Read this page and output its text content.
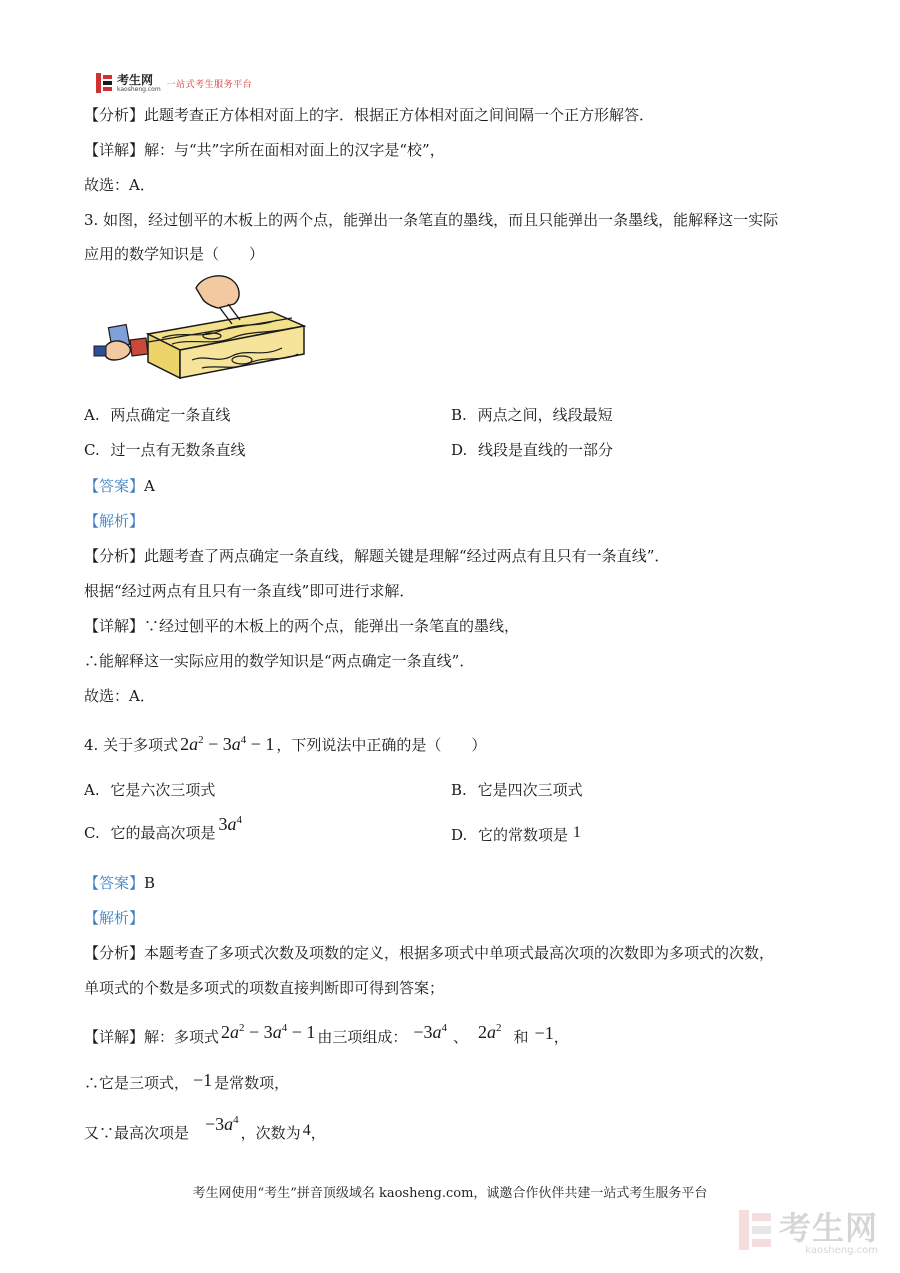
考生网
kaosheng.com 一站式考生服务平台
【分析】此题考查正方体相对面上的字．根据正方体相对面之间间隔一个正方形解答．
【详解】解：与“共”字所在面相对面上的汉字是“校”，
故选：A．
3. 如图，经过刨平的木板上的两个点，能弹出一条笔直的墨线，而且只能弹出一条墨线，能解释这一实际
应用的数学知识是（　　）
A. 两点确定一条直线	B. 两点之间，线段最短
C. 过一点有无数条直线	D. 线段是直线的一部分
【答案】A
【解析】
【分析】此题考查了两点确定一条直线，解题关键是理解“经过两点有且只有一条直线”．
根据“经过两点有且只有一条直线”即可进行求解．
【详解】∵经过刨平的木板上的两个点，能弹出一条笔直的墨线，
∴能解释这一实际应用的数学知识是“两点确定一条直线”．
故选：A．
4. 关于多项式 $2a^2 - 3a^4 - 1$ ，下列说法中正确的是（　　）
A. 它是六次三项式	B. 它是四次三项式
C. 它的最高次项是 $3a^4$
D. 它的常数项是 1
【答案】B
【解析】
【分析】本题考查了多项式次数及项数的定义，根据多项式中单项式最高次项的次数即为多项式的次数，
单项式的个数是多项式的项数直接判断即可得到答案；
【详解】解：多项式 $2a^2 - 3a^4 - 1$ 由三项组成： $-3a^4$ 、 $2a^2$ 和 −1，
∴它是三项式， −1 是常数项，
又∵最高次项是 $-3a^4$，次数为 4，
考生网使用“考生”拼音顶级域名 kaosheng.com，诚邀合作伙伴共建一站式考生服务平台
考生网
kaosheng.com
